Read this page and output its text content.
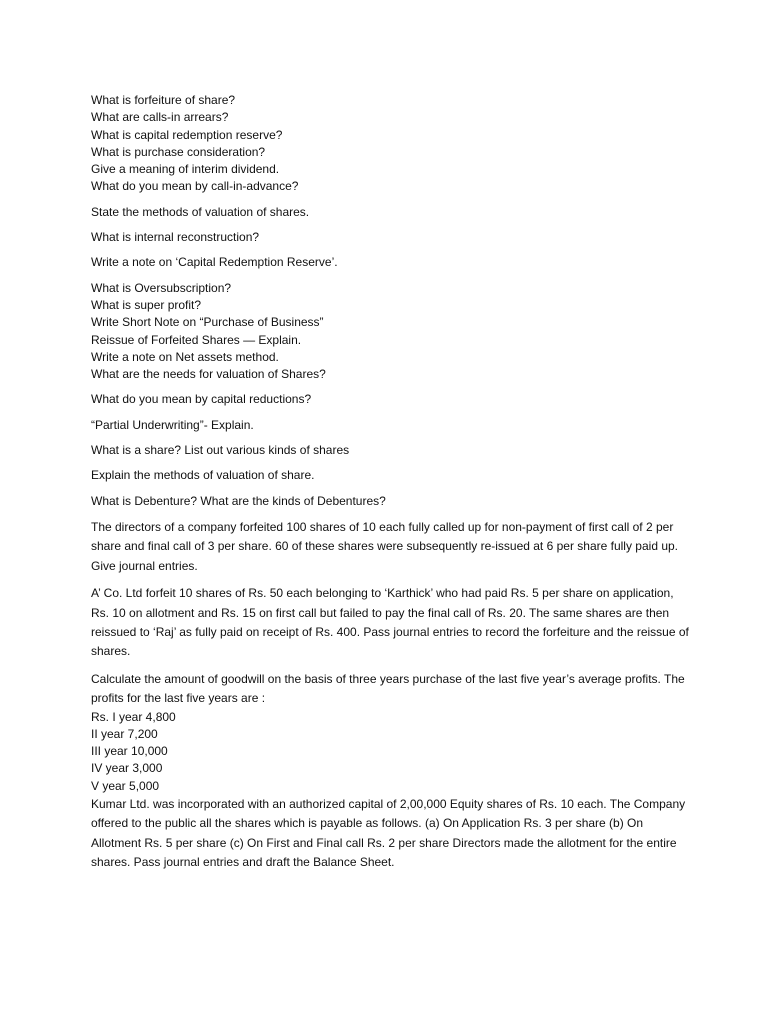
What is forfeiture of share?
What are calls-in arrears?
What is capital redemption reserve?
What is purchase consideration?
Give a meaning of interim dividend.
What do you mean by call-in-advance?
State the methods of valuation of shares.
What is internal reconstruction?
Write a note on ‘Capital Redemption Reserve’.
What is Oversubscription?
What is super profit?
Write Short Note on “Purchase of Business”
Reissue of Forfeited Shares — Explain.
Write a note on Net assets method.
What are the needs for valuation of Shares?
What do you mean by capital reductions?
“Partial Underwriting”- Explain.
What is a share? List out various kinds of shares
Explain the methods of valuation of share.
What is Debenture? What are the kinds of Debentures?

The directors of a company forfeited 100 shares of 10 each fully called up for non-payment of first call of 2 per share and final call of 3 per share. 60 of these shares were subsequently re-issued at 6 per share fully paid up. Give journal entries.

A’ Co. Ltd forfeit 10 shares of Rs. 50 each belonging to ‘Karthick’ who had paid Rs. 5 per share on application, Rs. 10 on allotment and Rs. 15 on first call but failed to pay the final call of Rs. 20. The same shares are then reissued to ‘Raj’ as fully paid on receipt of Rs. 400. Pass journal entries to record the forfeiture and the reissue of shares.

Calculate the amount of goodwill on the basis of three years purchase of the last five year’s average profits. The profits for the last five years are :

Rs. I year 4,800
II year 7,200
III year 10,000
IV year 3,000
V year 5,000

Kumar Ltd. was incorporated with an authorized capital of 2,00,000 Equity shares of Rs. 10 each. The Company offered to the public all the shares which is payable as follows. (a) On Application Rs. 3 per share (b) On Allotment Rs. 5 per share (c) On First and Final call Rs. 2 per share Directors made the allotment for the entire shares. Pass journal entries and draft the Balance Sheet.
